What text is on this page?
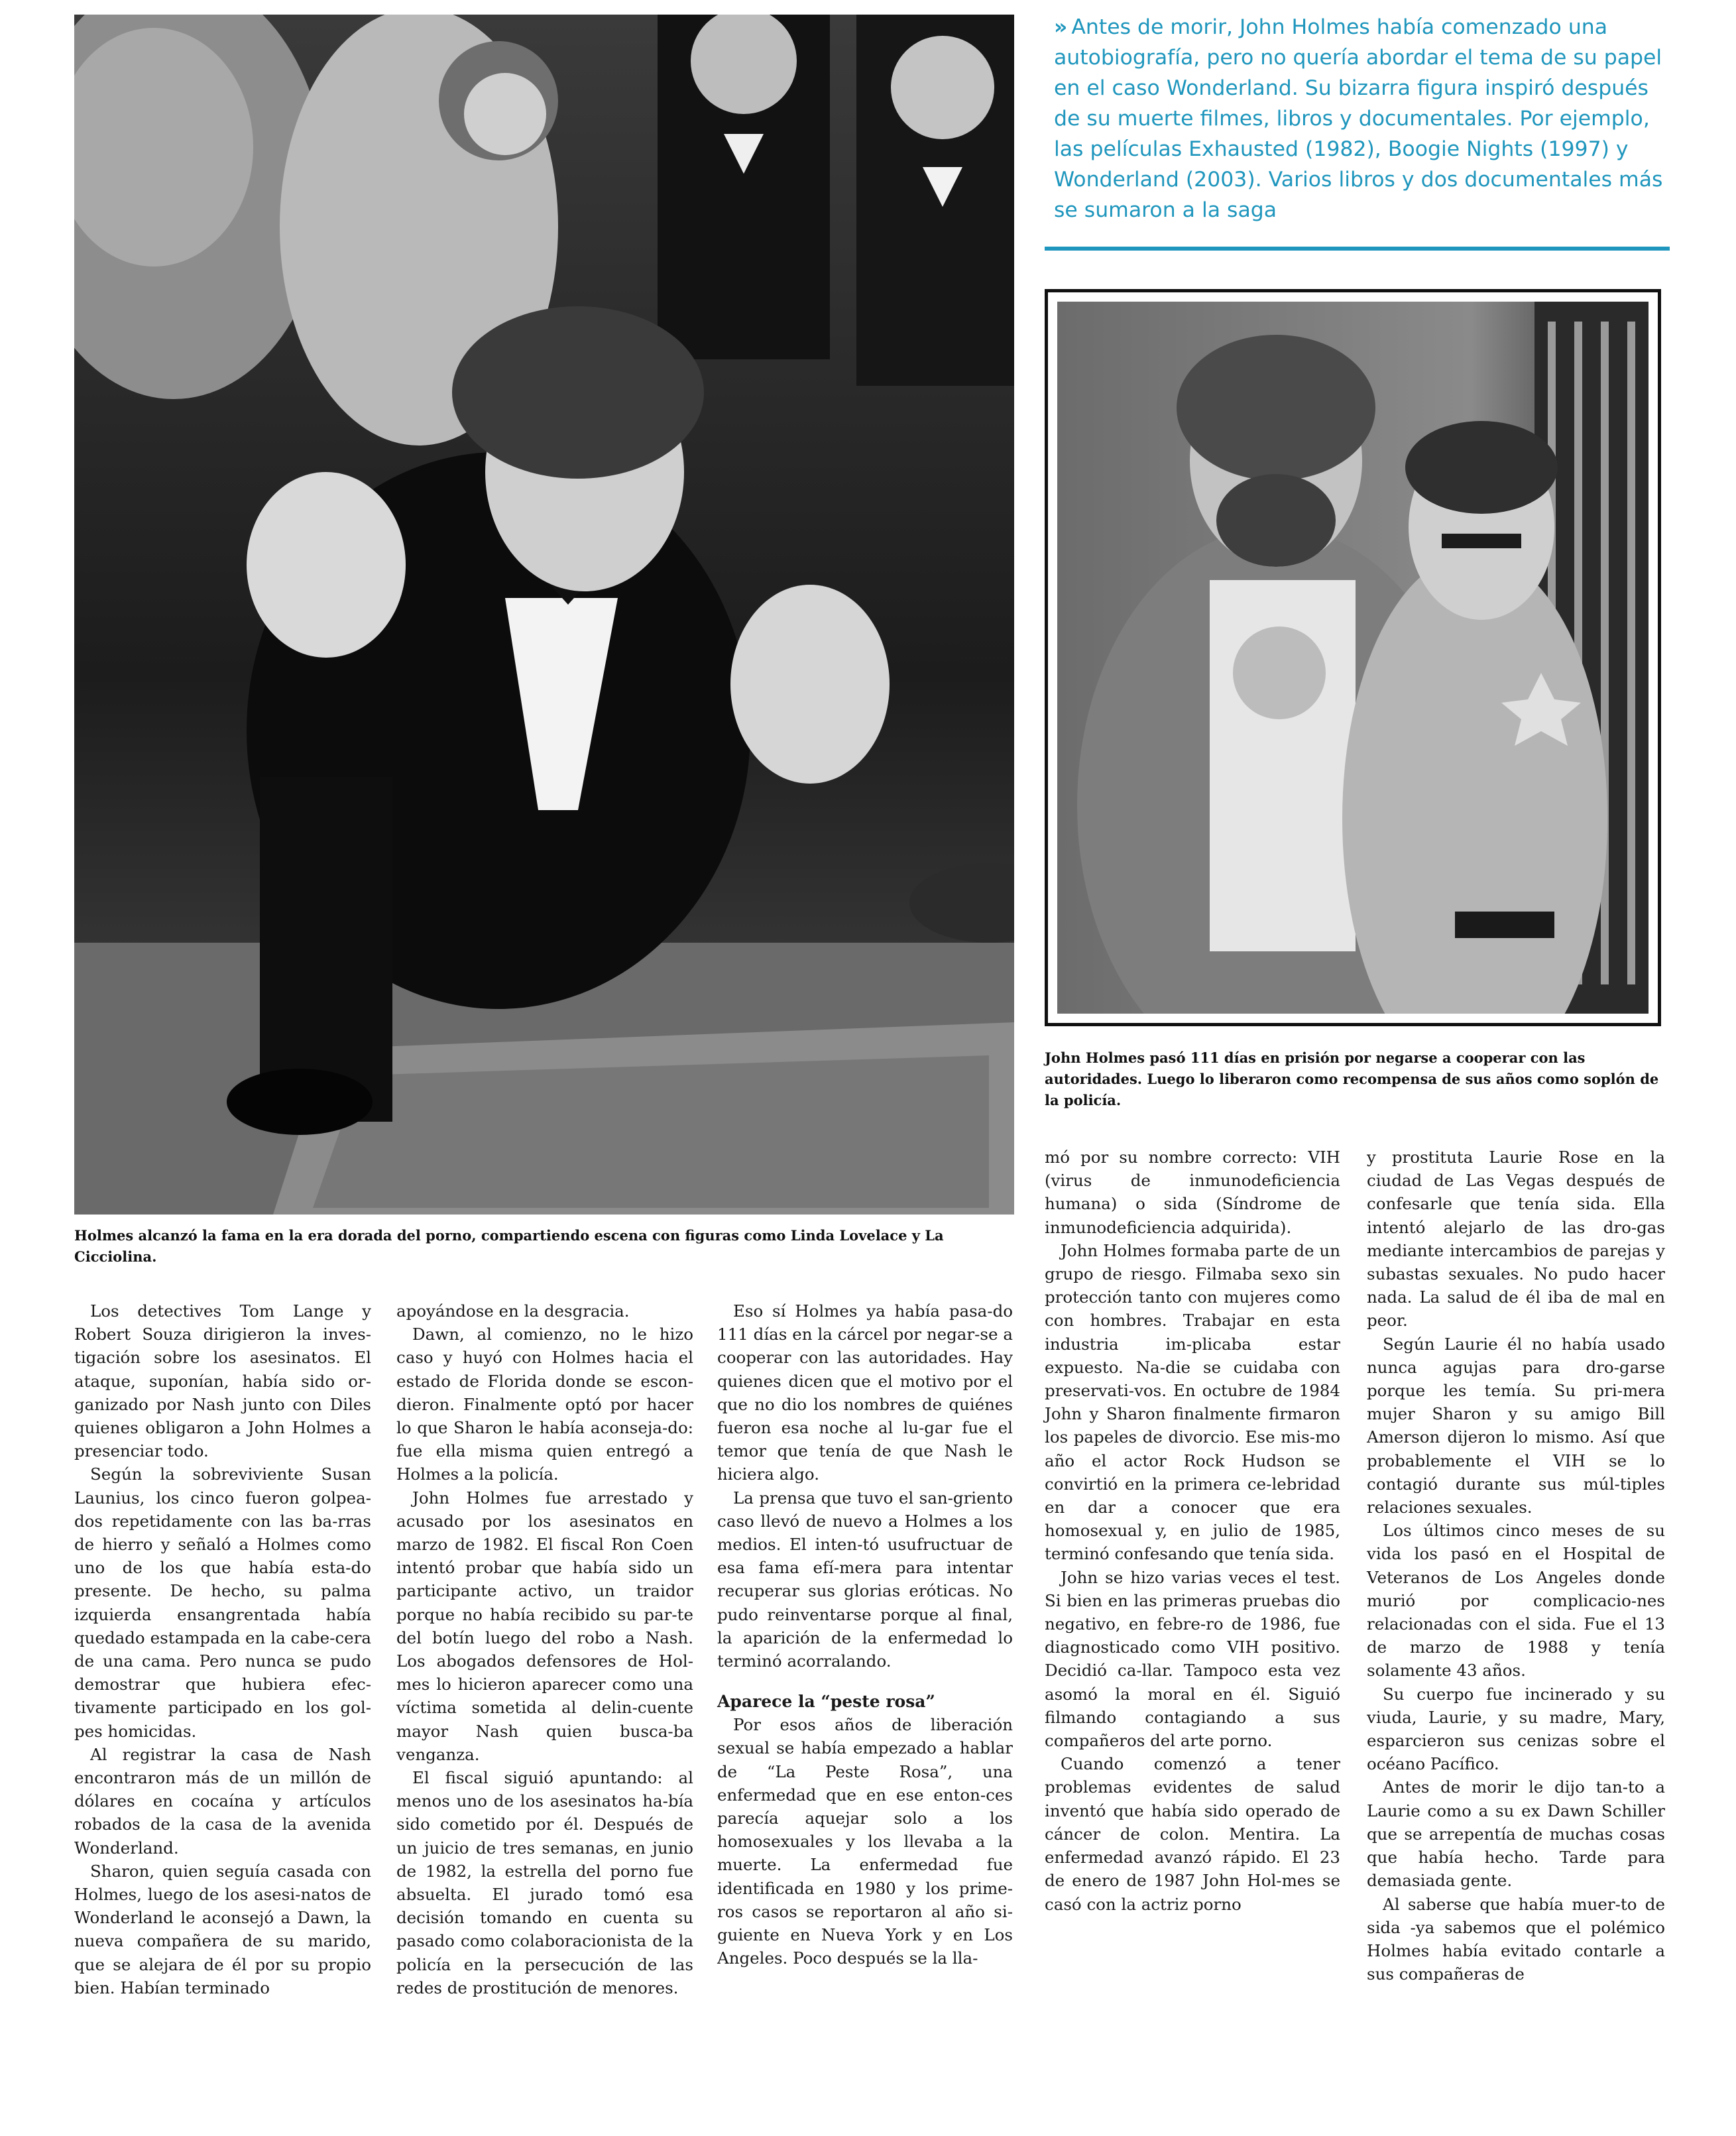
» Antes de morir, John Holmes había comenzado una autobiografía, pero no quería abordar el tema de su papel en el caso Wonderland. Su bizarra figura inspiró después de su muerte filmes, libros y documentales. Por ejemplo, las películas Exhausted (1982), Boogie Nights (1997) y Wonderland (2003). Varios libros y dos documentales más se sumaron a la saga

Holmes alcanzó la fama en la era dorada del porno, compartiendo escena con figuras como Linda Lovelace y La Cicciolina.

John Holmes pasó 111 días en prisión por negarse a cooperar con las autoridades. Luego lo liberaron como recompensa de sus años como soplón de la policía.

Los detectives Tom Lange y Robert Souza dirigieron la inves-tigación sobre los asesinatos. El ataque, suponían, había sido or-ganizado por Nash junto con Diles quienes obligaron a John Holmes a presenciar todo.

Según la sobreviviente Susan Launius, los cinco fueron golpea-dos repetidamente con las ba-rras de hierro y señaló a Holmes como uno de los que había esta-do presente. De hecho, su palma izquierda ensangrentada había quedado estampada en la cabe-cera de una cama. Pero nunca se pudo demostrar que hubiera efec-tivamente participado en los gol-pes homicidas.

Al registrar la casa de Nash encontraron más de un millón de dólares en cocaína y artículos robados de la casa de la avenida Wonderland.

Sharon, quien seguía casada con Holmes, luego de los asesi-natos de Wonderland le aconsejó a Dawn, la nueva compañera de su marido, que se alejara de él por su propio bien. Habían terminado

apoyándose en la desgracia.

Dawn, al comienzo, no le hizo caso y huyó con Holmes hacia el estado de Florida donde se escon-dieron. Finalmente optó por hacer lo que Sharon le había aconseja-do: fue ella misma quien entregó a Holmes a la policía.

John Holmes fue arrestado y acusado por los asesinatos en marzo de 1982. El fiscal Ron Coen intentó probar que había sido un participante activo, un traidor porque no había recibido su par-te del botín luego del robo a Nash. Los abogados defensores de Hol-mes lo hicieron aparecer como una víctima sometida al delin-cuente mayor Nash quien busca-ba venganza.

El fiscal siguió apuntando: al menos uno de los asesinatos ha-bía sido cometido por él. Después de un juicio de tres semanas, en junio de 1982, la estrella del porno fue absuelta. El jurado tomó esa decisión tomando en cuenta su pasado como colaboracionista de la policía en la persecución de las redes de prostitución de menores.

Eso sí Holmes ya había pasa-do 111 días en la cárcel por negar-se a cooperar con las autoridades. Hay quienes dicen que el motivo por el que no dio los nombres de quiénes fueron esa noche al lu-gar fue el temor que tenía de que Nash le hiciera algo.

La prensa que tuvo el san-griento caso llevó de nuevo a Holmes a los medios. El inten-tó usufructuar de esa fama efí-mera para intentar recuperar sus glorias eróticas. No pudo reinventarse porque al final, la aparición de la enfermedad lo terminó acorralando.

Aparece la “peste rosa”

Por esos años de liberación sexual se había empezado a hablar de “La Peste Rosa”, una enfermedad que en ese enton-ces parecía aquejar solo a los homosexuales y los llevaba a la muerte. La enfermedad fue identificada en 1980 y los prime-ros casos se reportaron al año si-guiente en Nueva York y en Los Angeles. Poco después se la lla-

mó por su nombre correcto: VIH (virus de inmunodeficiencia humana) o sida (Síndrome de inmunodeficiencia adquirida).

John Holmes formaba parte de un grupo de riesgo. Filmaba sexo sin protección tanto con mujeres como con hombres. Trabajar en esta industria im-plicaba estar expuesto. Na-die se cuidaba con preservati-vos. En octubre de 1984 John y Sharon finalmente firmaron los papeles de divorcio. Ese mis-mo año el actor Rock Hudson se convirtió en la primera ce-lebridad en dar a conocer que era homosexual y, en julio de 1985, terminó confesando que tenía sida.

John se hizo varias veces el test. Si bien en las primeras pruebas dio negativo, en febre-ro de 1986, fue diagnosticado como VIH positivo. Decidió ca-llar. Tampoco esta vez asomó la moral en él. Siguió filmando contagiando a sus compañeros del arte porno.

Cuando comenzó a tener problemas evidentes de salud inventó que había sido operado de cáncer de colon. Mentira. La enfermedad avanzó rápido. El 23 de enero de 1987 John Hol-mes se casó con la actriz porno

y prostituta Laurie Rose en la ciudad de Las Vegas después de confesarle que tenía sida. Ella intentó alejarlo de las dro-gas mediante intercambios de parejas y subastas sexuales. No pudo hacer nada. La salud de él iba de mal en peor.

Según Laurie él no había usado nunca agujas para dro-garse porque les temía. Su pri-mera mujer Sharon y su amigo Bill Amerson dijeron lo mismo. Así que probablemente el VIH se lo contagió durante sus múl-tiples relaciones sexuales.

Los últimos cinco meses de su vida los pasó en el Hospital de Veteranos de Los Angeles donde murió por complicacio-nes relacionadas con el sida. Fue el 13 de marzo de 1988 y tenía solamente 43 años.

Su cuerpo fue incinerado y su viuda, Laurie, y su madre, Mary, esparcieron sus cenizas sobre el océano Pacífico.

Antes de morir le dijo tan-to a Laurie como a su ex Dawn Schiller que se arrepentía de muchas cosas que había hecho. Tarde para demasiada gente.

Al saberse que había muer-to de sida -ya sabemos que el polémico Holmes había evitado contarle a sus compañeras de
